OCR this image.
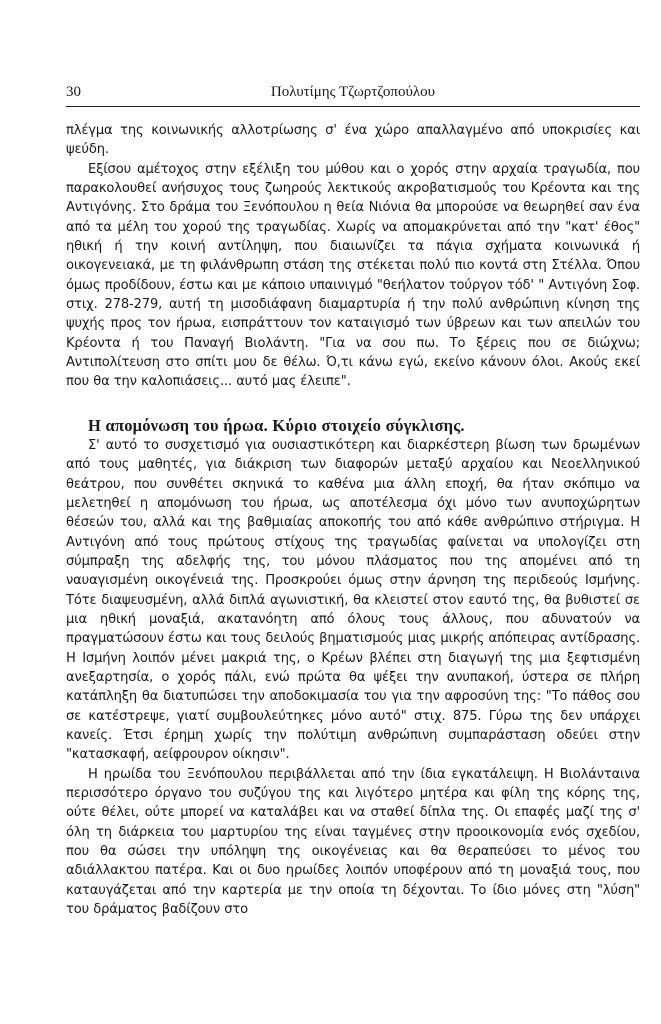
30	Πολυτίμης Τζωρτζοπούλου

πλέγμα της κοινωνικής αλλοτρίωσης σ' ένα χώρο απαλλαγμένο από υποκρισίες και ψεύδη.

Εξίσου αμέτοχος στην εξέλιξη του μύθου και ο χορός στην αρχαία τραγωδία, που παρακολουθεί ανήσυχος τους ζωηρούς λεκτικούς ακροβατισμούς του Κρέοντα και της Αντιγόνης. Στο δράμα του Ξενόπουλου η θεία Νιόνια θα μπορούσε να θεωρηθεί σαν ένα από τα μέλη του χορού της τραγωδίας. Χωρίς να απομακρύνεται από την "κατ' έθος" ηθική ή την κοινή αντίληψη, που διαιωνίζει τα πάγια σχήματα κοινωνικά ή οικογενειακά, με τη φιλάνθρωπη στάση της στέκεται πολύ πιο κοντά στη Στέλλα. Όπου όμως προδίδουν, έστω και με κάποιο υπαινιγμό "θεήλατον τούργον τόδ' " Αντιγόνη Σοφ. στιχ. 278-279, αυτή τη μισοδιάφανη διαμαρτυρία ή την πολύ ανθρώπινη κίνηση της ψυχής προς τον ήρωα, εισπράττουν τον καταιγισμό των ύβρεων και των απειλών του Κρέοντα ή του Παναγή Βιολάντη. "Για να σου πω. Το ξέρεις που σε διώχνω; Αντιπολίτευση στο σπίτι μου δε θέλω. Ό,τι κάνω εγώ, εκείνο κάνουν όλοι. Ακούς εκεί που θα την καλοπιάσεις... αυτό μας έλειπε".

Η απομόνωση του ήρωα. Κύριο στοιχείο σύγκλισης.

Σ' αυτό το συσχετισμό για ουσιαστικότερη και διαρκέστερη βίωση των δρωμένων από τους μαθητές, για διάκριση των διαφορών μεταξύ αρχαίου και Νεοελληνικού θεάτρου, που συνθέτει σκηνικά το καθένα μια άλλη εποχή, θα ήταν σκόπιμο να μελετηθεί η απομόνωση του ήρωα, ως αποτέλεσμα όχι μόνο των ανυποχώρητων θέσεών του, αλλά και της βαθμιαίας αποκοπής του από κάθε ανθρώπινο στήριγμα. Η Αντιγόνη από τους πρώτους στίχους της τραγωδίας φαίνεται να υπολογίζει στη σύμπραξη της αδελφής της, του μόνου πλάσματος που της απομένει από τη ναυαγισμένη οικογένειά της. Προσκρούει όμως στην άρνηση της περιδεούς Ισμήνης. Τότε διαψευσμένη, αλλά διπλά αγωνιστική, θα κλειστεί στον εαυτό της, θα βυθιστεί σε μια ηθική μοναξιά, ακατανόητη από όλους τους άλλους, που αδυνατούν να πραγματώσουν έστω και τους δειλούς βηματισμούς μιας μικρής απόπειρας αντίδρασης. Η Ισμήνη λοιπόν μένει μακριά της, ο Κρέων βλέπει στη διαγωγή της μια ξεφτισμένη ανεξαρτησία, ο χορός πάλι, ενώ πρώτα θα ψέξει την ανυπακοή, ύστερα σε πλήρη κατάπληξη θα διατυπώσει την αποδοκιμασία του για την αφροσύνη της: "Το πάθος σου σε κατέστρεψε, γιατί συμβουλεύτηκες μόνο αυτό" στιχ. 875. Γύρω της δεν υπάρχει κανείς. Έτσι έρημη χωρίς την πολύτιμη ανθρώπινη συμπαράσταση οδεύει στην "κατασκαφή, αείφρουρον οίκησιν".

Η ηρωίδα του Ξενόπουλου περιβάλλεται από την ίδια εγκατάλειψη. Η Βιολάνταινα περισσότερο όργανο του συζύγου της και λιγότερο μητέρα και φίλη της κόρης της, ούτε θέλει, ούτε μπορεί να καταλάβει και να σταθεί δίπλα της. Οι επαφές μαζί της σ' όλη τη διάρκεια του μαρτυρίου της είναι ταγμένες στην προοικονομία ενός σχεδίου, που θα σώσει την υπόληψη της οικογένειας και θα θεραπεύσει το μένος του αδιάλλακτου πατέρα. Και οι δυο ηρωίδες λοιπόν υποφέρουν από τη μοναξιά τους, που καταυγάζεται από την καρτερία με την οποία τη δέχονται. Το ίδιο μόνες στη "λύση" του δράματος βαδίζουν στο
